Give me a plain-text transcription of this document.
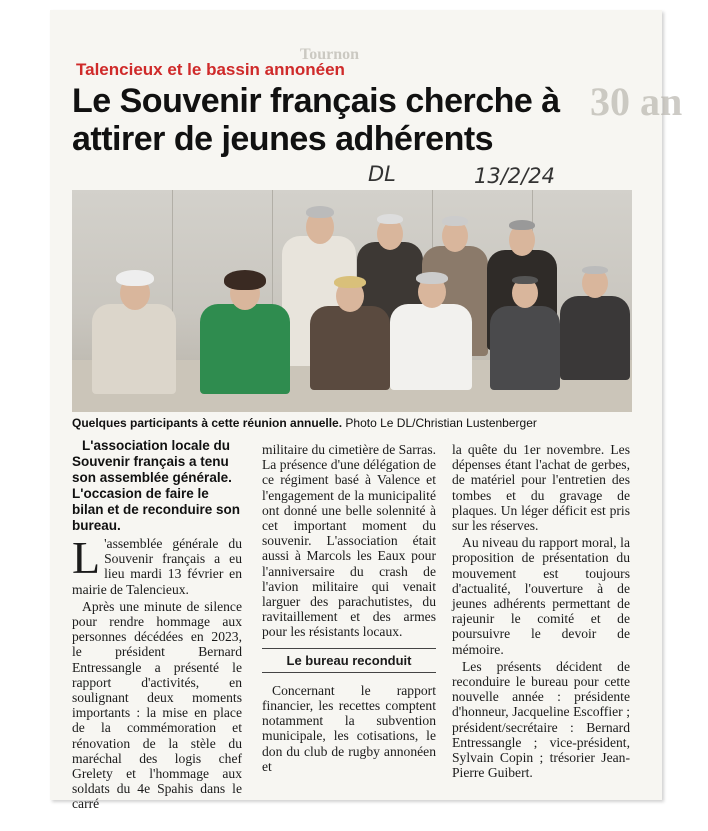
Tournon
30 an
Talencieux et le bassin annonéen
Le Souvenir français cherche à attirer de jeunes adhérents
DL	13/2/24

Quelques participants à cette réunion annuelle. Photo Le DL/Christian Lustenberger

L'association locale du Souvenir français a tenu son assemblée générale. L'occasion de faire le bilan et de reconduire son bureau.

L 'assemblée générale du Souvenir français a eu lieu mardi 13 février en mairie de Talencieux.

Après une minute de silence pour rendre hommage aux personnes décédées en 2023, le président Bernard Entressangle a présenté le rapport d'activités, en soulignant deux moments importants : la mise en place de la commémoration et rénovation de la stèle du maréchal des logis chef Grelety et l'hommage aux soldats du 4e Spahis dans le carré

militaire du cimetière de Sarras. La présence d'une délégation de ce régiment basé à Valence et l'engagement de la municipalité ont donné une belle solennité à cet important moment du souvenir. L'association était aussi à Marcols les Eaux pour l'anniversaire du crash de l'avion militaire qui venait larguer des parachutistes, du ravitaillement et des armes pour les résistants locaux.

Le bureau reconduit

Concernant le rapport financier, les recettes comptent notamment la subvention municipale, les cotisations, le don du club de rugby annonéen et

la quête du 1er novembre. Les dépenses étant l'achat de gerbes, de matériel pour l'entretien des tombes et du gravage de plaques. Un léger déficit est pris sur les réserves.

Au niveau du rapport moral, la proposition de présentation du mouvement est toujours d'actualité, l'ouverture à de jeunes adhérents permettant de rajeunir le comité et de poursuivre le devoir de mémoire.

Les présents décident de reconduire le bureau pour cette nouvelle année : présidente d'honneur, Jacqueline Escoffier ; président/secrétaire : Bernard Entressangle ; vice-président, Sylvain Copin ; trésorier Jean-Pierre Guibert.
